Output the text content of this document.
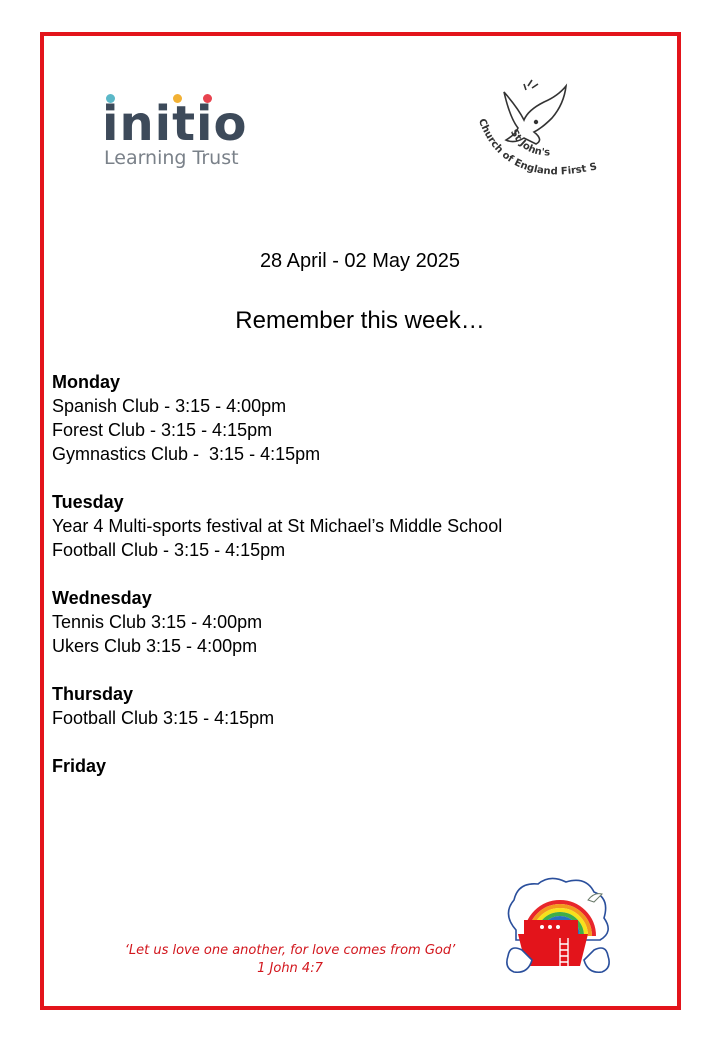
initio
Learning Trust
St John's
Church of England First S
28 April - 02 May 2025
Remember this week…
Monday
Spanish Club - 3:15 - 4:00pm
Forest Club - 3:15 - 4:15pm
Gymnastics Club -  3:15 - 4:15pm
Tuesday
Year 4 Multi-sports festival at St Michael’s Middle School
Football Club - 3:15 - 4:15pm
Wednesday
Tennis Club 3:15 - 4:00pm
Ukers Club 3:15 - 4:00pm
Thursday
Football Club 3:15 - 4:15pm
Friday
‘Let us love one another, for love comes from God’
1 John 4:7
